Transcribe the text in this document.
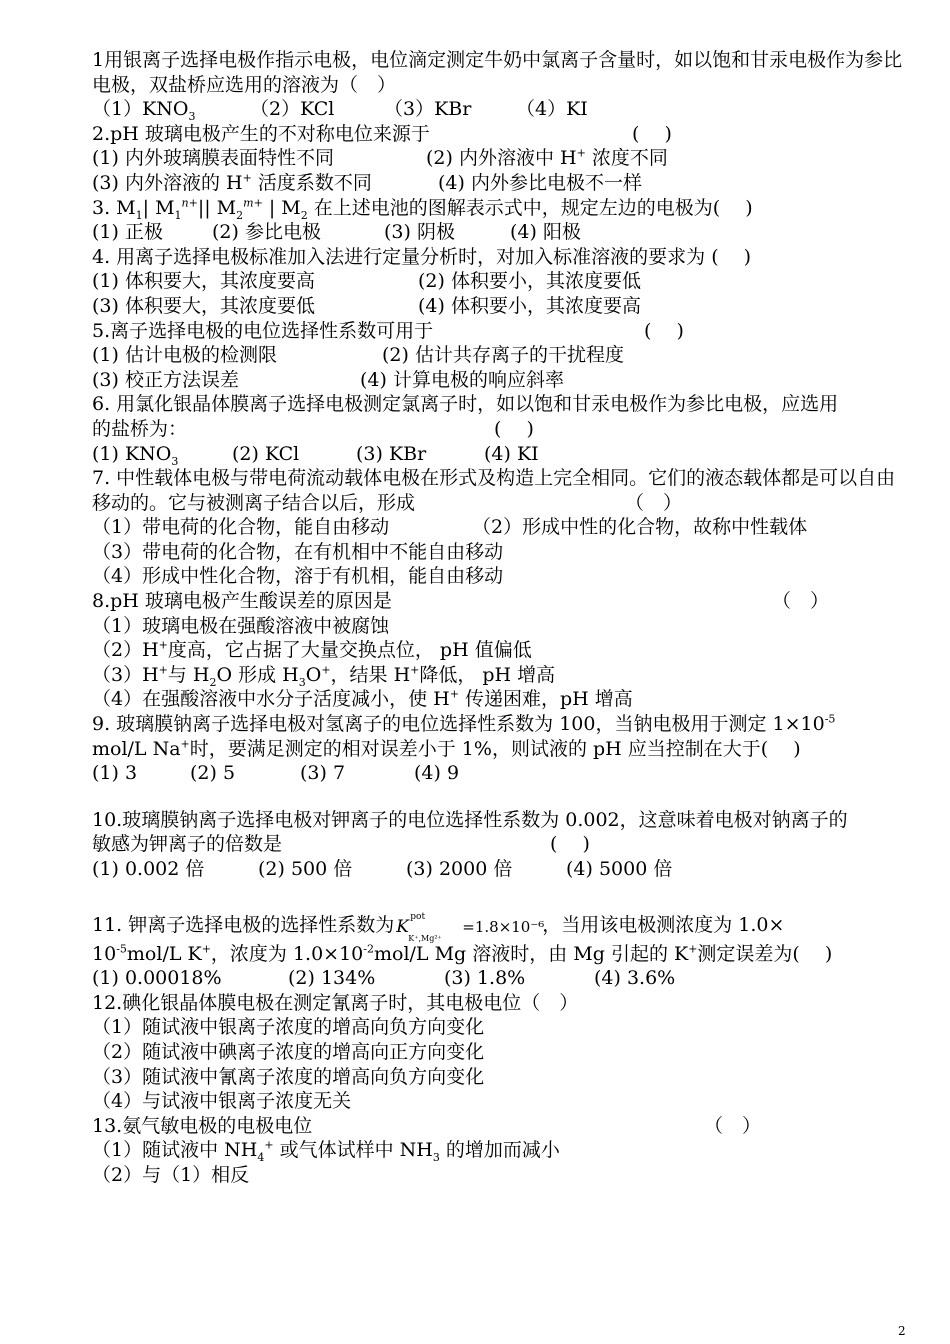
1用银离子选择电极作指示电极，电位滴定测定牛奶中氯离子含量时，如以饱和甘汞电极作为参比电极，双盐桥应选用的溶液为（　）
$(1)KNO_3$	（2）KCl	（3）KBr （4）KI
2.pH 玻璃电极产生的不对称电位来源于	(　 )
(1) 内外玻璃膜表面特性不同	(2) 内外溶液中 H+ 浓度不同
(3) 内外溶液的 H+ 活度系数不同	(4) 内外参比电极不一样
3. $M_1|$ $M_1^{n+}||$ $M_2^{m+}$ | $M_2$ 在上述电池的图解表示式中，规定左边的电极为(　 )
(1) 正极	(2) 参比电极	(3) 阴极	(4) 阳极
4. 用离子选择电极标准加入法进行定量分析时，对加入标准溶液的要求为 (　 )
(1) 体积要大，其浓度要高	(2) 体积要小，其浓度要低
(3) 体积要大，其浓度要低	(4) 体积要小，其浓度要高
5.离子选择电极的电位选择性系数可用于	(　 )
(1) 估计电极的检测限	(2) 估计共存离子的干扰程度
(3) 校正方法误差	(4) 计算电极的响应斜率
6. 用氯化银晶体膜离子选择电极测定氯离子时，如以饱和甘汞电极作为参比电极，应选用
的盐桥为：	(　 )
(1) $KNO_3$	(2) KCl	(3) KBr	(4) KI
7. 中性载体电极与带电荷流动载体电极在形式及构造上完全相同。它们的液态载体都是可以自由移动的。它与被测离子结合以后，形成	（　）
（1）带电荷的化合物，能自由移动	（2）形成中性的化合物，故称中性载体
（3）带电荷的化合物，在有机相中不能自由移动
（4）形成中性化合物，溶于有机相，能自由移动
8.pH 玻璃电极产生酸误差的原因是	（　）
（1）玻璃电极在强酸溶液中被腐蚀
（2）H+度高，它占据了大量交换点位， pH 值偏低
（3）H+与 $H_2O$ 形成 $H_3O^+$，结果 H+降低， pH 增高
（4）在强酸溶液中水分子活度减小，使 H+ 传递困难，pH 增高
9. 玻璃膜钠离子选择电极对氢离子的电位选择性系数为 100，当钠电极用于测定 $1\times 10^{-5}$
mol/L Na+时，要满足测定的相对误差小于 1%，则试液的 pH 应当控制在大于(　 )
(1) 3	(2) 5	(3) 7	(4) 9
10.玻璃膜钠离子选择电极对钾离子的电位选择性系数为 0.002，这意味着电极对钠离子的
敏感为钾离子的倍数是	(　 )
(1) 0.002 倍	(2) 500 倍	(3) 2000 倍	(4) 5000 倍
11. 钾离子选择电极的选择性系数为 K pot
K⁺,Mg²⁺
=1.8×10⁻⁶
，当用该电极测浓度为 1.0×
$10^{-5}mol/L$ K+，浓度为 $1.0\times 10^{-2}mol/L$ Mg 溶液时，由 Mg 引起的 K+测定误差为(　 )
(1) 0.00018%	(2) 134%	(3) 1.8%	(4) 3.6%
12.碘化银晶体膜电极在测定氰离子时，其电极电位（　）
（1）随试液中银离子浓度的增高向负方向变化
（2）随试液中碘离子浓度的增高向正方向变化
（3）随试液中氰离子浓度的增高向负方向变化
（4）与试液中银离子浓度无关
13.氨气敏电极的电极电位	（　）
（1）随试液中 $NH_4^+$ 或气体试样中 $NH_3$ 的增加而减小
（2）与（1）相反
2
